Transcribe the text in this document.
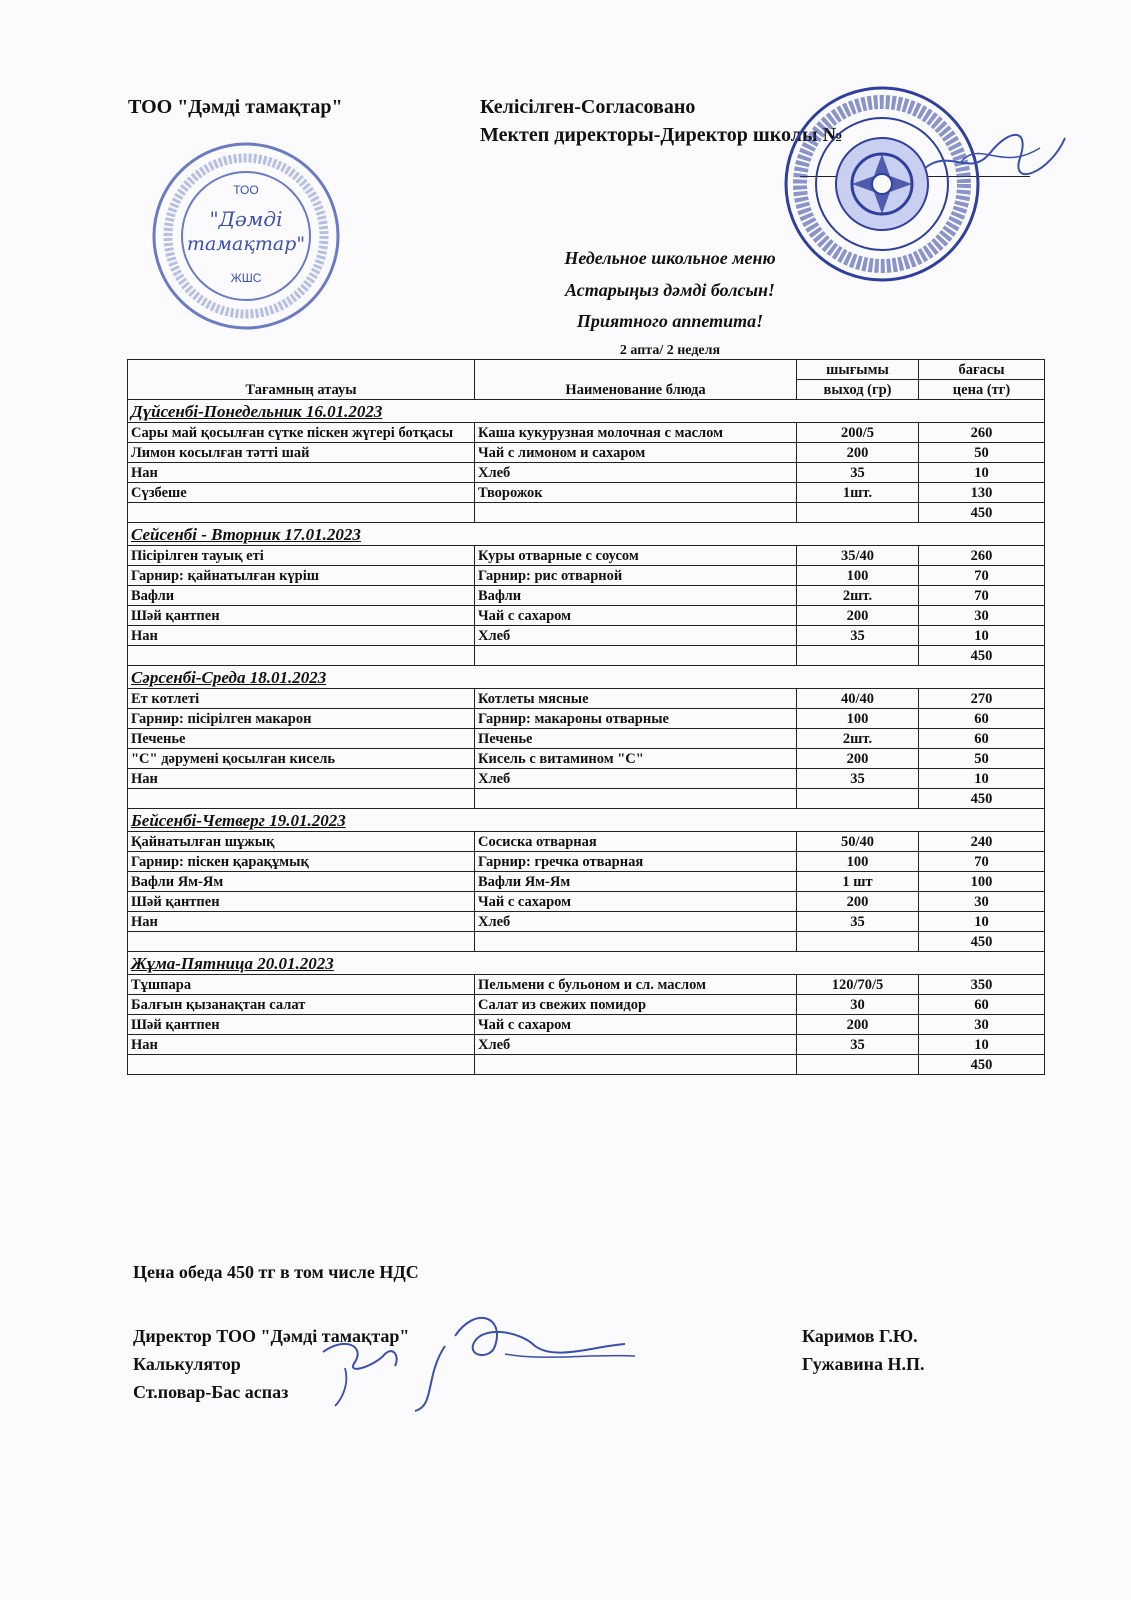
ТОО "Дәмді тамақтар"	Келісілген-Согласовано
Мектеп директоры-Директор школы №
ТОО
"Дәмді
тамақтар"
ЖШС
Недельное школьное меню
Астарыңыз дәмді болсын!
Приятного аппетита!
2 апта/ 2 неделя
Тағамның атауы	Наименование блюда	шығымы	бағасы
		выход (гр)	цена (тг)
Дүйсенбі-Понедельник 16.01.2023			
Сары май қосылған сүтке піскен жүгері ботқасы	Каша кукурузная молочная с маслом	200/5	260
Лимон косылған тәтті шай	Чай с лимоном и сахаром	200	50
Нан	Хлеб	35	10
Сүзбеше	Творожок	1шт.	130
			450
Сейсенбі - Вторник 17.01.2023			
Пісірілген тауық еті	Куры отварные с соусом	35/40	260
Гарнир: қайнатылған күріш	Гарнир: рис отварной	100	70
Вафли	Вафли	2шт.	70
Шәй қантпен	Чай с сахаром	200	30
Нан	Хлеб	35	10
			450
Сәрсенбі-Среда 18.01.2023			
Ет котлеті	Котлеты мясные	40/40	270
Гарнир: пісірілген макарон	Гарнир: макароны отварные	100	60
Печенье	Печенье	2шт.	60
"С" дәрумені қосылған кисель	Кисель с витамином "С"	200	50
Нан	Хлеб	35	10
			450
Бейсенбі-Четверг 19.01.2023			
Қайнатылған шұжық	Сосиска отварная	50/40	240
Гарнир: піскен қарақұмық	Гарнир: гречка отварная	100	70
Вафли Ям-Ям	Вафли Ям-Ям	1 шт	100
Шәй қантпен	Чай с сахаром	200	30
Нан	Хлеб	35	10
			450
Жұма-Пятница 20.01.2023			
Тұшпара	Пельмени с бульоном и сл. маслом	120/70/5	350
Балғын қызанақтан салат	Салат из свежих помидор	30	60
Шәй қантпен	Чай с сахаром	200	30
Нан	Хлеб	35	10
			450
Цена обеда 450 тг в том числе НДС
Директор ТОО "Дәмді тамақтар"
Калькулятор
Ст.повар-Бас аспаз
Каримов Г.Ю.
Гужавина Н.П.
